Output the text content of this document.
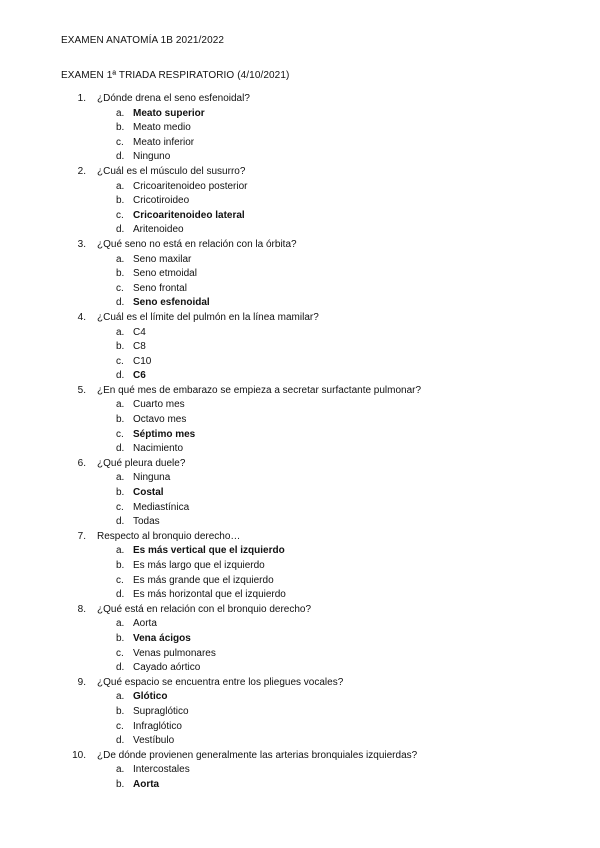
EXAMEN ANATOMÍA 1B 2021/2022
EXAMEN 1ª TRIADA RESPIRATORIO (4/10/2021)
1. ¿Dónde drena el seno esfenoidal?
a. Meato superior
b. Meato medio
c. Meato inferior
d. Ninguno
2. ¿Cuál es el músculo del susurro?
a. Cricoaritenoideo posterior
b. Cricotiroideo
c. Cricoaritenoideo lateral
d. Aritenoideo
3. ¿Qué seno no está en relación con la órbita?
a. Seno maxilar
b. Seno etmoidal
c. Seno frontal
d. Seno esfenoidal
4. ¿Cuál es el límite del pulmón en la línea mamilar?
a. C4
b. C8
c. C10
d. C6
5. ¿En qué mes de embarazo se empieza a secretar surfactante pulmonar?
a. Cuarto mes
b. Octavo mes
c. Séptimo mes
d. Nacimiento
6. ¿Qué pleura duele?
a. Ninguna
b. Costal
c. Mediastínica
d. Todas
7. Respecto al bronquio derecho…
a. Es más vertical que el izquierdo
b. Es más largo que el izquierdo
c. Es más grande que el izquierdo
d. Es más horizontal que el izquierdo
8. ¿Qué está en relación con el bronquio derecho?
a. Aorta
b. Vena ácigos
c. Venas pulmonares
d. Cayado aórtico
9. ¿Qué espacio se encuentra entre los pliegues vocales?
a. Glótico
b. Supraglótico
c. Infraglótico
d. Vestíbulo
10. ¿De dónde provienen generalmente las arterias bronquiales izquierdas?
a. Intercostales
b. Aorta
